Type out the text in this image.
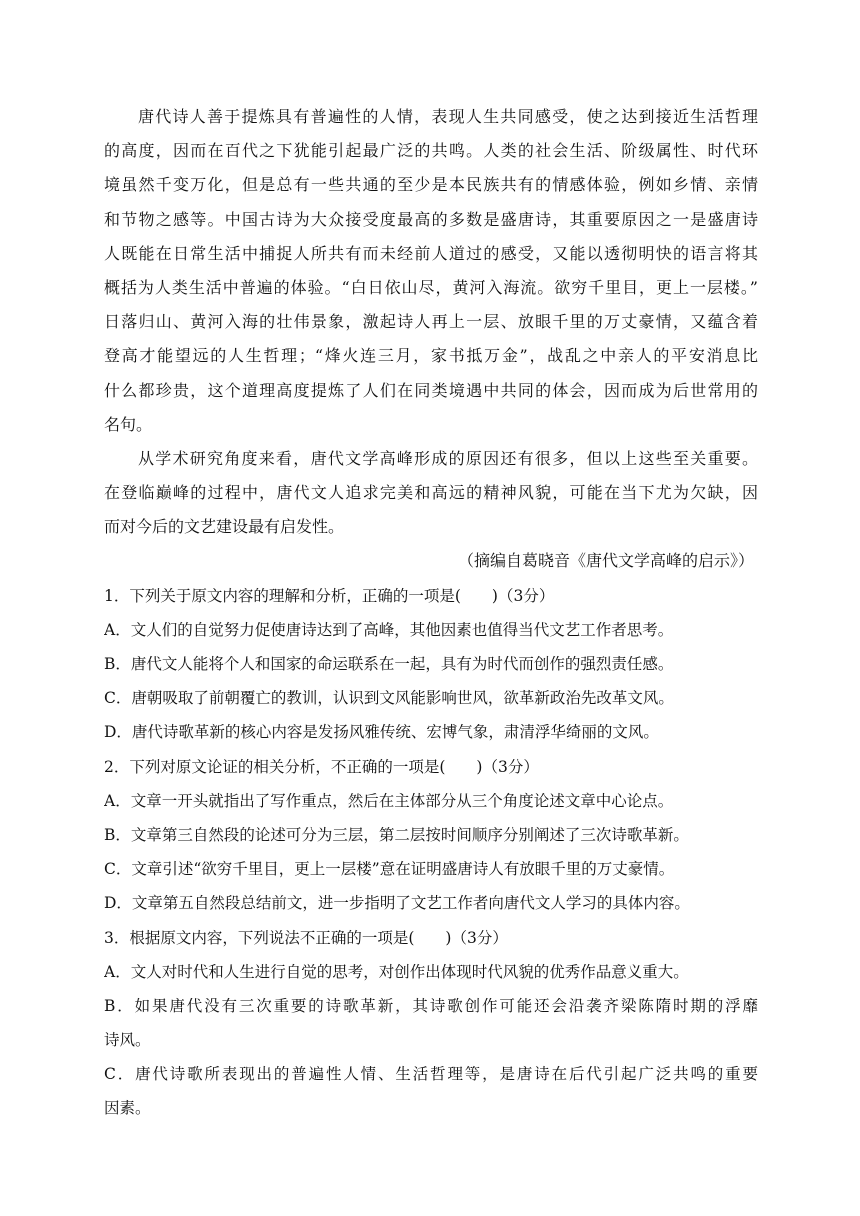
唐代诗人善于提炼具有普遍性的人情，表现人生共同感受，使之达到接近生活哲理
的高度，因而在百代之下犹能引起最广泛的共鸣。人类的社会生活、阶级属性、时代环
境虽然千变万化，但是总有一些共通的至少是本民族共有的情感体验，例如乡情、亲情
和节物之感等。中国古诗为大众接受度最高的多数是盛唐诗，其重要原因之一是盛唐诗
人既能在日常生活中捕捉人所共有而未经前人道过的感受，又能以透彻明快的语言将其
概括为人类生活中普遍的体验。“白日依山尽，黄河入海流。欲穷千里目，更上一层楼。”
日落归山、黄河入海的壮伟景象，激起诗人再上一层、放眼千里的万丈豪情，又蕴含着
登高才能望远的人生哲理；“烽火连三月，家书抵万金”，战乱之中亲人的平安消息比
什么都珍贵，这个道理高度提炼了人们在同类境遇中共同的体会，因而成为后世常用的
名句。
从学术研究角度来看，唐代文学高峰形成的原因还有很多，但以上这些至关重要。
在登临巅峰的过程中，唐代文人追求完美和高远的精神风貌，可能在当下尤为欠缺，因
而对今后的文艺建设最有启发性。
（摘编自葛晓音《唐代文学高峰的启示》）
1．下列关于原文内容的理解和分析，正确的一项是(　　)（3分）
A．文人们的自觉努力促使唐诗达到了高峰，其他因素也值得当代文艺工作者思考。
B．唐代文人能将个人和国家的命运联系在一起，具有为时代而创作的强烈责任感。
C．唐朝吸取了前朝覆亡的教训，认识到文风能影响世风，欲革新政治先改革文风。
D．唐代诗歌革新的核心内容是发扬风雅传统、宏博气象，肃清浮华绮丽的文风。
2．下列对原文论证的相关分析，不正确的一项是(　　)（3分）
A．文章一开头就指出了写作重点，然后在主体部分从三个角度论述文章中心论点。
B．文章第三自然段的论述可分为三层，第二层按时间顺序分别阐述了三次诗歌革新。
C．文章引述“欲穷千里目，更上一层楼”意在证明盛唐诗人有放眼千里的万丈豪情。
D．文章第五自然段总结前文，进一步指明了文艺工作者向唐代文人学习的具体内容。
3．根据原文内容，下列说法不正确的一项是(　　)（3分）
A．文人对时代和人生进行自觉的思考，对创作出体现时代风貌的优秀作品意义重大。
B．如果唐代没有三次重要的诗歌革新，其诗歌创作可能还会沿袭齐梁陈隋时期的浮靡
诗风。
C．唐代诗歌所表现出的普遍性人情、生活哲理等，是唐诗在后代引起广泛共鸣的重要
因素。
